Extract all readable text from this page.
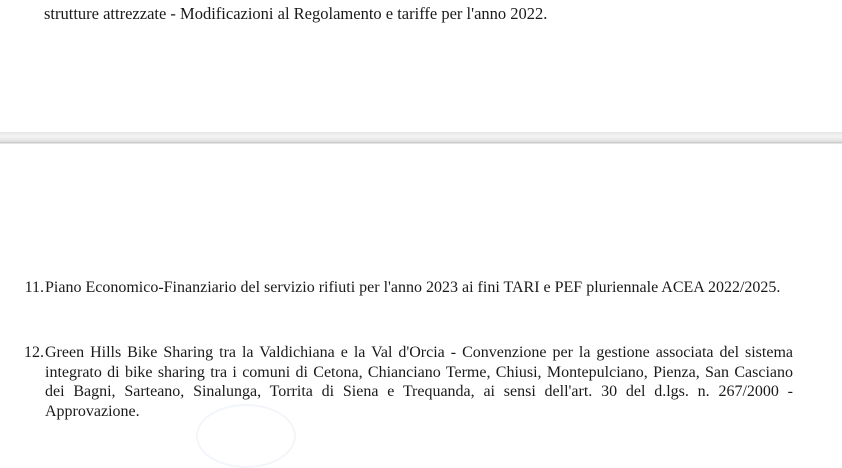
strutture attrezzate - Modificazioni al Regolamento e tariffe per l'anno 2022.
11. Piano Economico-Finanziario del servizio rifiuti per l'anno 2023 ai fini TARI e PEF pluriennale ACEA 2022/2025.
12. Green Hills Bike Sharing tra la Valdichiana e la Val d'Orcia - Convenzione per la gestione associata del sistema integrato di bike sharing tra i comuni di Cetona, Chianciano Terme, Chiusi, Montepulciano, Pienza, San Casciano dei Bagni, Sarteano, Sinalunga, Torrita di Siena e Trequanda, ai sensi dell'art. 30 del d.lgs. n. 267/2000 - Approvazione.
